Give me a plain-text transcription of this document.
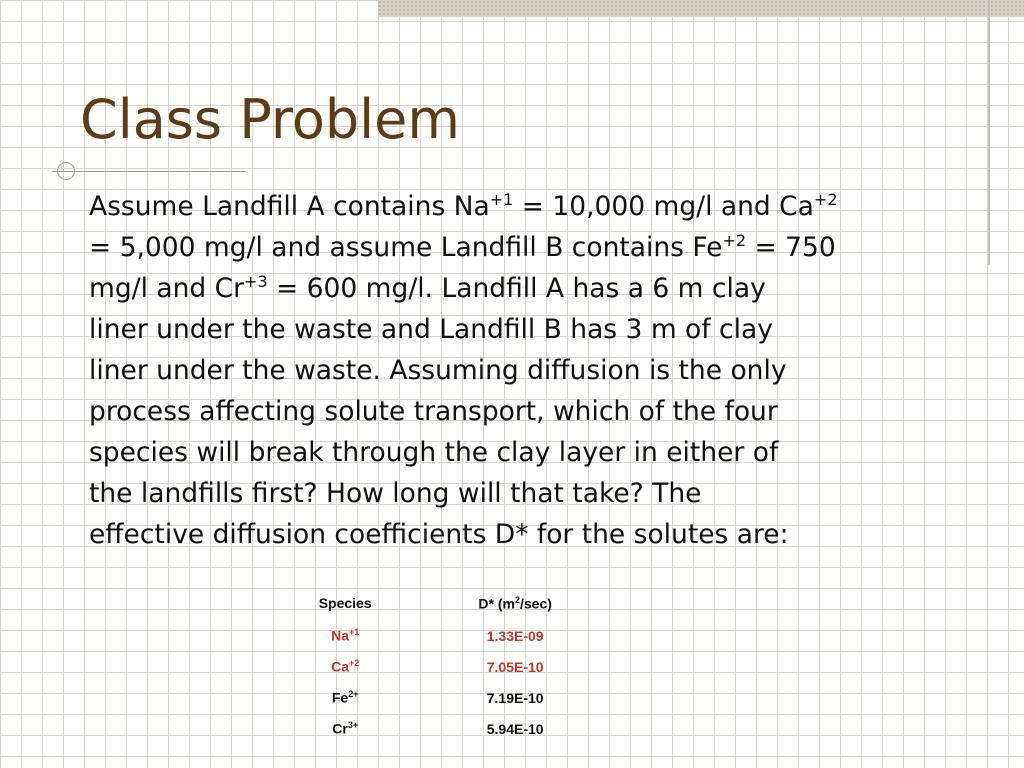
Class Problem

Assume Landfill A contains $Na^{+1} = 10,000$ mg/l and $Ca^{+2}$
= 5,000 mg/l and assume Landfill B contains $Fe^{+2} = 750$
mg/l and $Cr^{+3} = 600$ mg/l. Landfill A has a 6 m clay
liner under the waste and Landfill B has 3 m of clay
liner under the waste. Assuming diffusion is the only
process affecting solute transport, which of the four
species will break through the clay layer in either of
the landfills first? How long will that take? The
effective diffusion coefficients D* for the solutes are:

Species	D* $(m^2/\sec)$
$Na^{+1}$	1.33E-09
$Ca^{+2}$	7.05E-10
$Fe^{2+}$	7.19E-10
$Cr^{3+}$	5.94E-10
